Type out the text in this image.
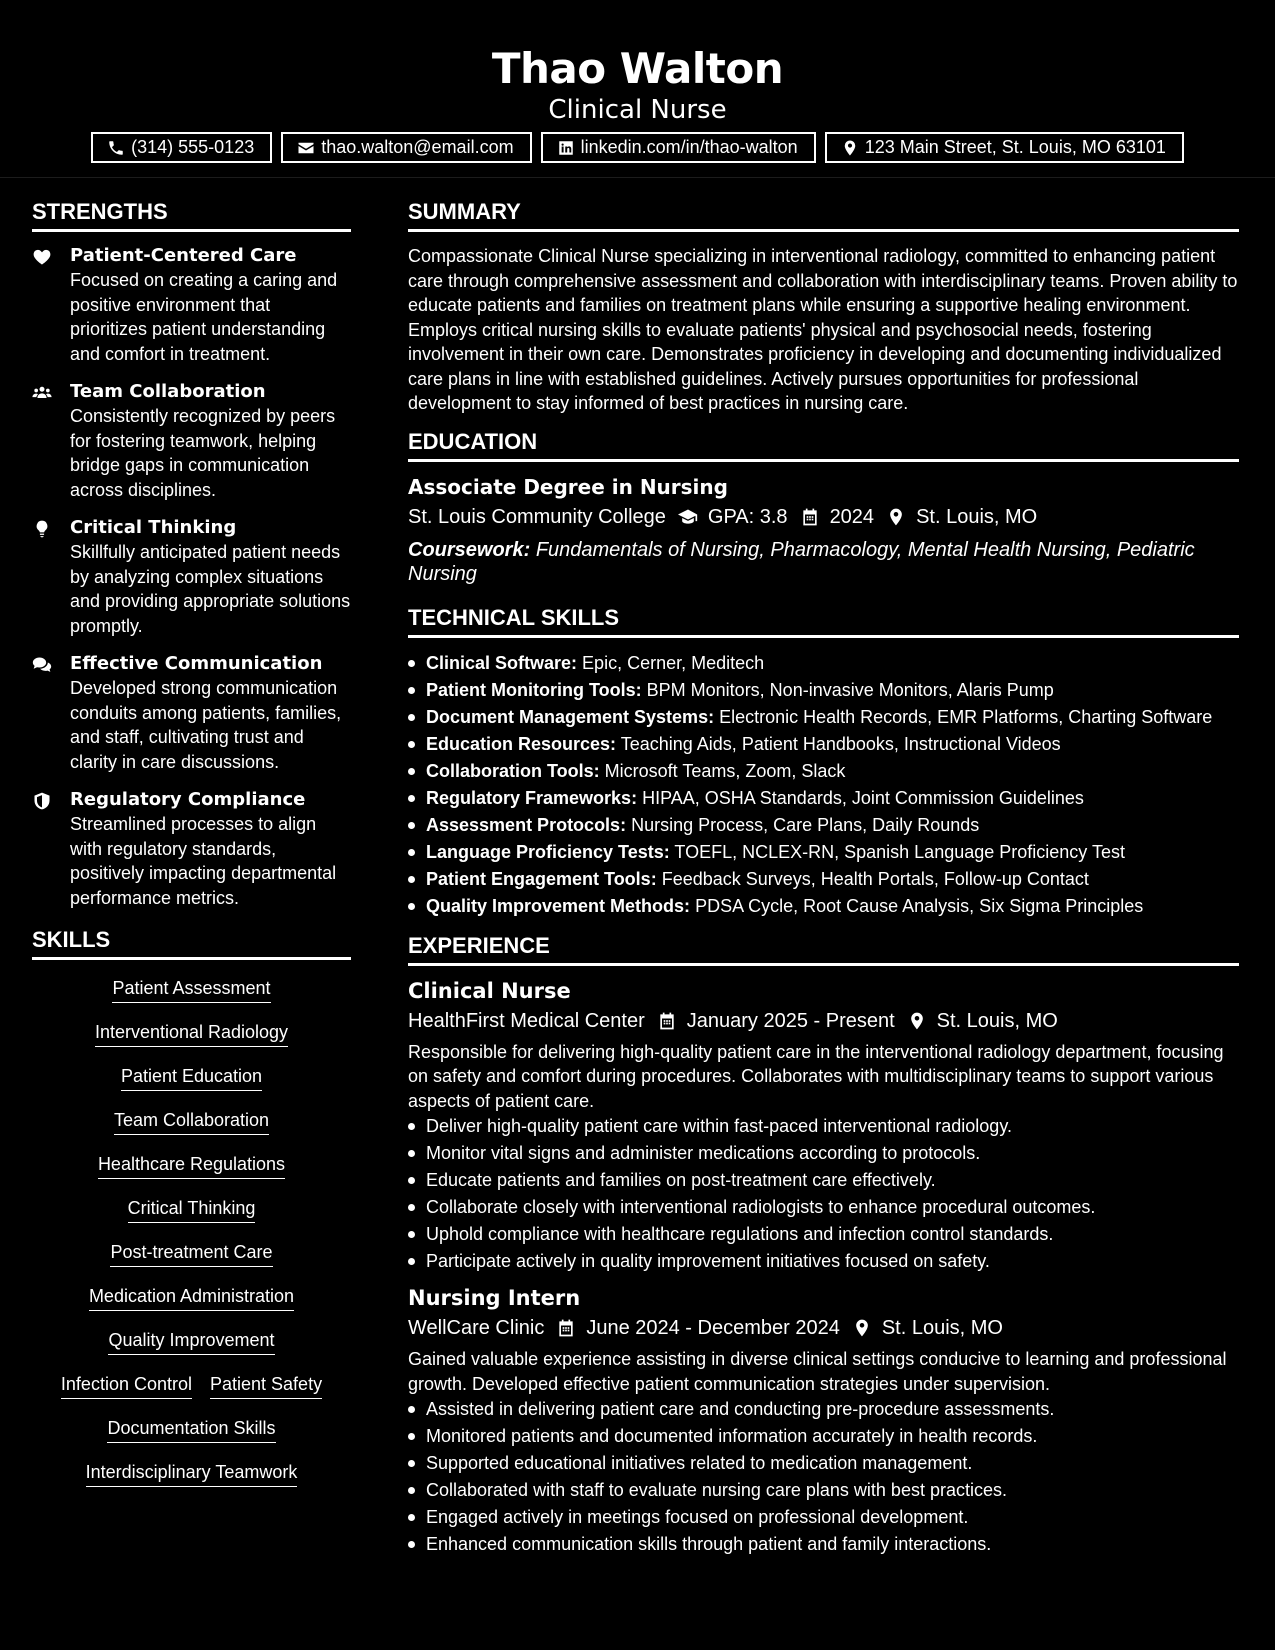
Thao Walton
Clinical Nurse
(314) 555-0123	thao.walton@email.com	linkedin.com/in/thao-walton	123 Main Street, St. Louis, MO 63101
STRENGTHS
Patient-Centered Care
Focused on creating a caring and positive environment that prioritizes patient understanding and comfort in treatment.
Team Collaboration
Consistently recognized by peers for fostering teamwork, helping bridge gaps in communication across disciplines.
Critical Thinking
Skillfully anticipated patient needs by analyzing complex situations and providing appropriate solutions promptly.
Effective Communication
Developed strong communication conduits among patients, families, and staff, cultivating trust and clarity in care discussions.
Regulatory Compliance
Streamlined processes to align with regulatory standards, positively impacting departmental performance metrics.
SKILLS
Patient Assessment
Interventional Radiology
Patient Education
Team Collaboration
Healthcare Regulations
Critical Thinking
Post-treatment Care
Medication Administration
Quality Improvement
Infection Control Patient Safety
Documentation Skills
Interdisciplinary Teamwork
SUMMARY
Compassionate Clinical Nurse specializing in interventional radiology, committed to enhancing patient care through comprehensive assessment and collaboration with interdisciplinary teams. Proven ability to educate patients and families on treatment plans while ensuring a supportive healing environment. Employs critical nursing skills to evaluate patients' physical and psychosocial needs, fostering involvement in their own care. Demonstrates proficiency in developing and documenting individualized care plans in line with established guidelines. Actively pursues opportunities for professional development to stay informed of best practices in nursing care.
EDUCATION
Associate Degree in Nursing
St. Louis Community College GPA: 3.8 2024 St. Louis, MO
Coursework: Fundamentals of Nursing, Pharmacology, Mental Health Nursing, Pediatric Nursing
TECHNICAL SKILLS
Clinical Software: Epic, Cerner, Meditech
Patient Monitoring Tools: BPM Monitors, Non-invasive Monitors, Alaris Pump
Document Management Systems: Electronic Health Records, EMR Platforms, Charting Software
Education Resources: Teaching Aids, Patient Handbooks, Instructional Videos
Collaboration Tools: Microsoft Teams, Zoom, Slack
Regulatory Frameworks: HIPAA, OSHA Standards, Joint Commission Guidelines
Assessment Protocols: Nursing Process, Care Plans, Daily Rounds
Language Proficiency Tests: TOEFL, NCLEX-RN, Spanish Language Proficiency Test
Patient Engagement Tools: Feedback Surveys, Health Portals, Follow-up Contact
Quality Improvement Methods: PDSA Cycle, Root Cause Analysis, Six Sigma Principles
EXPERIENCE
Clinical Nurse
HealthFirst Medical Center January 2025 - Present St. Louis, MO
Responsible for delivering high-quality patient care in the interventional radiology department, focusing on safety and comfort during procedures. Collaborates with multidisciplinary teams to support various aspects of patient care.
Deliver high-quality patient care within fast-paced interventional radiology.
Monitor vital signs and administer medications according to protocols.
Educate patients and families on post-treatment care effectively.
Collaborate closely with interventional radiologists to enhance procedural outcomes.
Uphold compliance with healthcare regulations and infection control standards.
Participate actively in quality improvement initiatives focused on safety.
Nursing Intern
WellCare Clinic June 2024 - December 2024 St. Louis, MO
Gained valuable experience assisting in diverse clinical settings conducive to learning and professional growth. Developed effective patient communication strategies under supervision.
Assisted in delivering patient care and conducting pre-procedure assessments.
Monitored patients and documented information accurately in health records.
Supported educational initiatives related to medication management.
Collaborated with staff to evaluate nursing care plans with best practices.
Engaged actively in meetings focused on professional development.
Enhanced communication skills through patient and family interactions.
